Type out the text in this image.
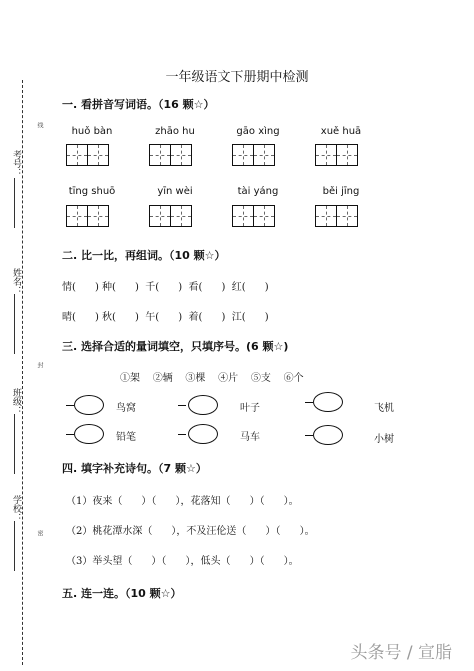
考号：
线
姓名：
班级：
封
学校：
密
一年级语文下册期中检测
一. 看拼音写词语。（16 颗☆）
huǒ bàn	zhāo hu	gāo xìng	xuě huā
tīng shuō	yīn wèi	tài yáng	běi jīng
二. 比一比，再组词。（10 颗☆）
情(      ) 种(      )  千(      )  看(      )  红(      )
晴(      ) 秋(      )  午(      )  着(      )  江(      )
三. 选择合适的量词填空，只填序号。(6 颗☆)
①架    ②辆    ③棵    ④片    ⑤支    ⑥个
鸟窝	叶子	飞机
铅笔	马车	小树
四. 填字补充诗句。（7 颗☆）
（1）夜来（      ）（      ），花落知（      ）（      ）。
（2）桃花潭水深（      ），不及汪伦送（      ）（      ）。
（3）举头望（      ）（      ），低头（      ）（      ）。
五. 连一连。（10 颗☆）
头条号 / 宣脂
